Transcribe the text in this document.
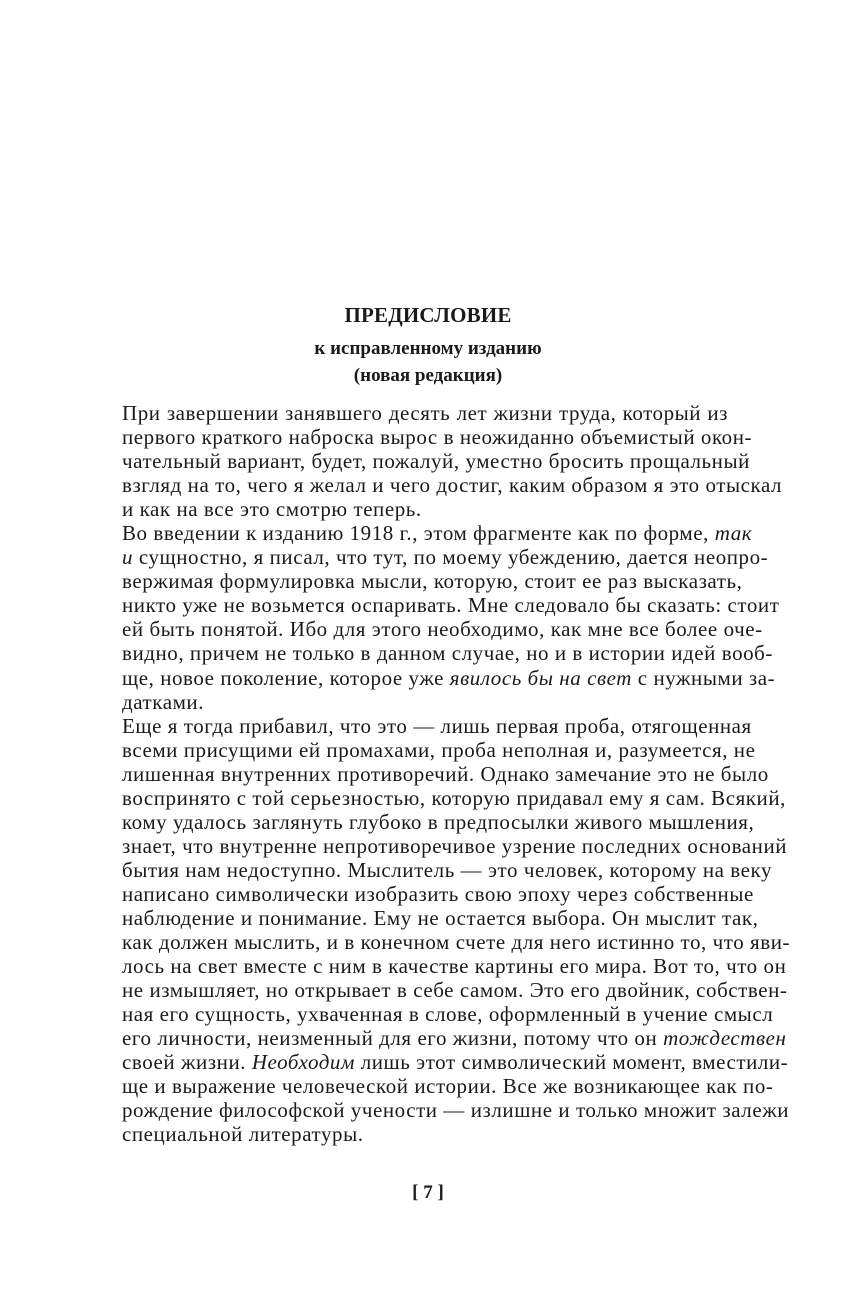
ПРЕДИСЛОВИЕ

к исправленному изданию

(новая редакция)

При завершении занявшего десять лет жизни труда, который из
первого краткого наброска вырос в неожиданно объемистый окон-
чательный вариант, будет, пожалуй, уместно бросить прощальный
взгляд на то, чего я желал и чего достиг, каким образом я это отыскал
и как на все это смотрю теперь.

Во введении к изданию 1918 г., этом фрагменте как по форме, так
и сущностно, я писал, что тут, по моему убеждению, дается неопро-
вержимая формулировка мысли, которую, стоит ее раз высказать,
никто уже не возьмется оспаривать. Мне следовало бы сказать: стоит
ей быть понятой. Ибо для этого необходимо, как мне все более оче-
видно, причем не только в данном случае, но и в истории идей вооб-
ще, новое поколение, которое уже явилось бы на свет с нужными за-
датками.

Еще я тогда прибавил, что это — лишь первая проба, отягощенная
всеми присущими ей промахами, проба неполная и, разумеется, не
лишенная внутренних противоречий. Однако замечание это не было
воспринято с той серьезностью, которую придавал ему я сам. Всякий,
кому удалось заглянуть глубоко в предпосылки живого мышления,
знает, что внутренне непротиворечивое узрение последних оснований
бытия нам недоступно. Мыслитель — это человек, которому на веку
написано символически изобразить свою эпоху через собственные
наблюдение и понимание. Ему не остается выбора. Он мыслит так,
как должен мыслить, и в конечном счете для него истинно то, что яви-
лось на свет вместе с ним в качестве картины его мира. Вот то, что он
не измышляет, но открывает в себе самом. Это его двойник, собствен-
ная его сущность, ухваченная в слове, оформленный в учение смысл
его личности, неизменный для его жизни, потому что он тождествен
своей жизни. Необходим лишь этот символический момент, вместили-
ще и выражение человеческой истории. Все же возникающее как по-
рождение философской учености — излишне и только множит залежи
специальной литературы.

[ 7 ]
